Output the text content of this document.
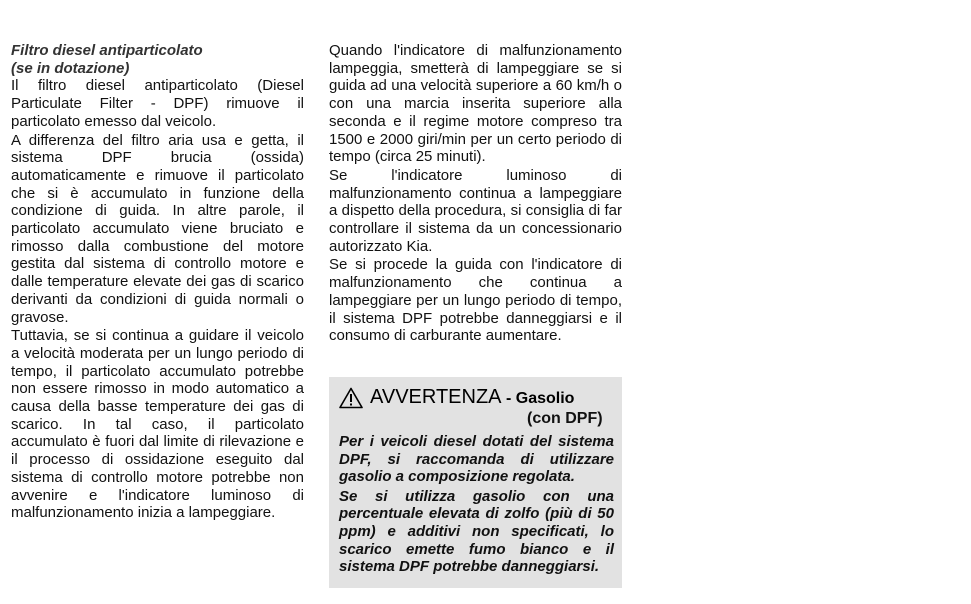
Filtro diesel antiparticolato
(se in dotazione)

Il filtro diesel antiparticolato (Diesel Particulate Filter - DPF) rimuove il particolato emesso dal veicolo.

A differenza del filtro aria usa e getta, il sistema DPF brucia (ossida) automaticamente e rimuove il particolato che si è accumulato in funzione della condizione di guida. In altre parole, il particolato accumulato viene bruciato e rimosso dalla combustione del motore gestita dal sistema di controllo motore e dalle temperature elevate dei gas di scarico derivanti da condizioni di guida normali o gravose.

Tuttavia, se si continua a guidare il veicolo a velocità moderata per un lungo periodo di tempo, il particolato accumulato potrebbe non essere rimosso in modo automatico a causa della basse temperature dei gas di scarico. In tal caso, il particolato accumulato è fuori dal limite di rilevazione e il processo di ossidazione eseguito dal sistema di controllo motore potrebbe non avvenire e l'indicatore luminoso di malfunzionamento inizia a lampeggiare.

Quando l'indicatore di malfunzionamento lampeggia, smetterà di lampeggiare se si guida ad una velocità superiore a 60 km/h o con una marcia inserita superiore alla seconda e il regime motore compreso tra 1500 e 2000 giri/min per un certo periodo di tempo (circa 25 minuti).

Se l'indicatore luminoso di malfunzionamento continua a lampeggiare a dispetto della procedura, si consiglia di far controllare il sistema da un concessionario autorizzato Kia.

Se si procede la guida con l'indicatore di malfunzionamento che continua a lampeggiare per un lungo periodo di tempo, il sistema DPF potrebbe danneggiarsi e il consumo di carburante aumentare.

AVVERTENZA - Gasolio
(con DPF)

Per i veicoli diesel dotati del sistema DPF, si raccomanda di utilizzare gasolio a composizione regolata.

Se si utilizza gasolio con una percentuale elevata di zolfo (più di 50 ppm) e additivi non specificati, lo scarico emette fumo bianco e il sistema DPF potrebbe danneggiarsi.
